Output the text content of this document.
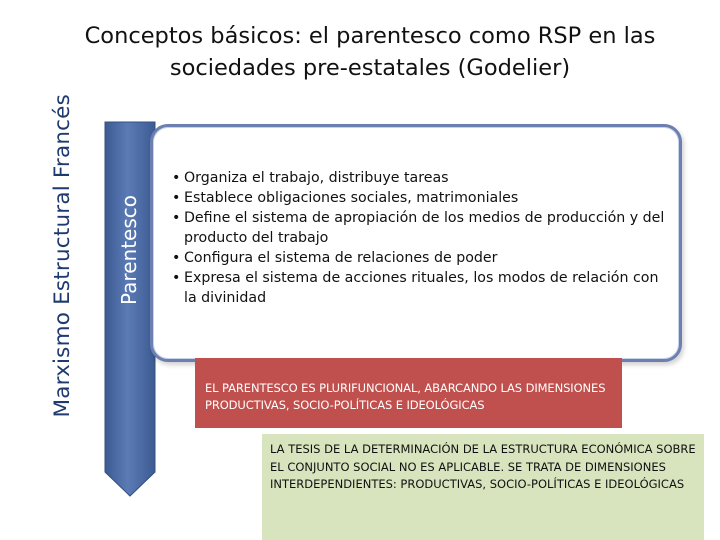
Marxismo Estructural Francés
Conceptos básicos: el parentesco como RSP en las sociedades pre-estatales (Godelier)
Parentesco
• Organiza el trabajo, distribuye tareas
• Establece obligaciones sociales, matrimoniales
• Define el sistema de apropiación de los medios de producción y del producto del trabajo
• Configura el sistema de relaciones de poder
• Expresa el sistema de acciones rituales, los modos de relación con la divinidad
EL PARENTESCO ES PLURIFUNCIONAL, ABARCANDO LAS DIMENSIONES PRODUCTIVAS, SOCIO-POLÍTICAS E IDEOLÓGICAS
LA TESIS DE LA DETERMINACIÓN DE LA ESTRUCTURA ECONÓMICA SOBRE EL CONJUNTO SOCIAL NO ES APLICABLE. SE TRATA DE DIMENSIONES INTERDEPENDIENTES: PRODUCTIVAS, SOCIO-POLÍTICAS E IDEOLÓGICAS
